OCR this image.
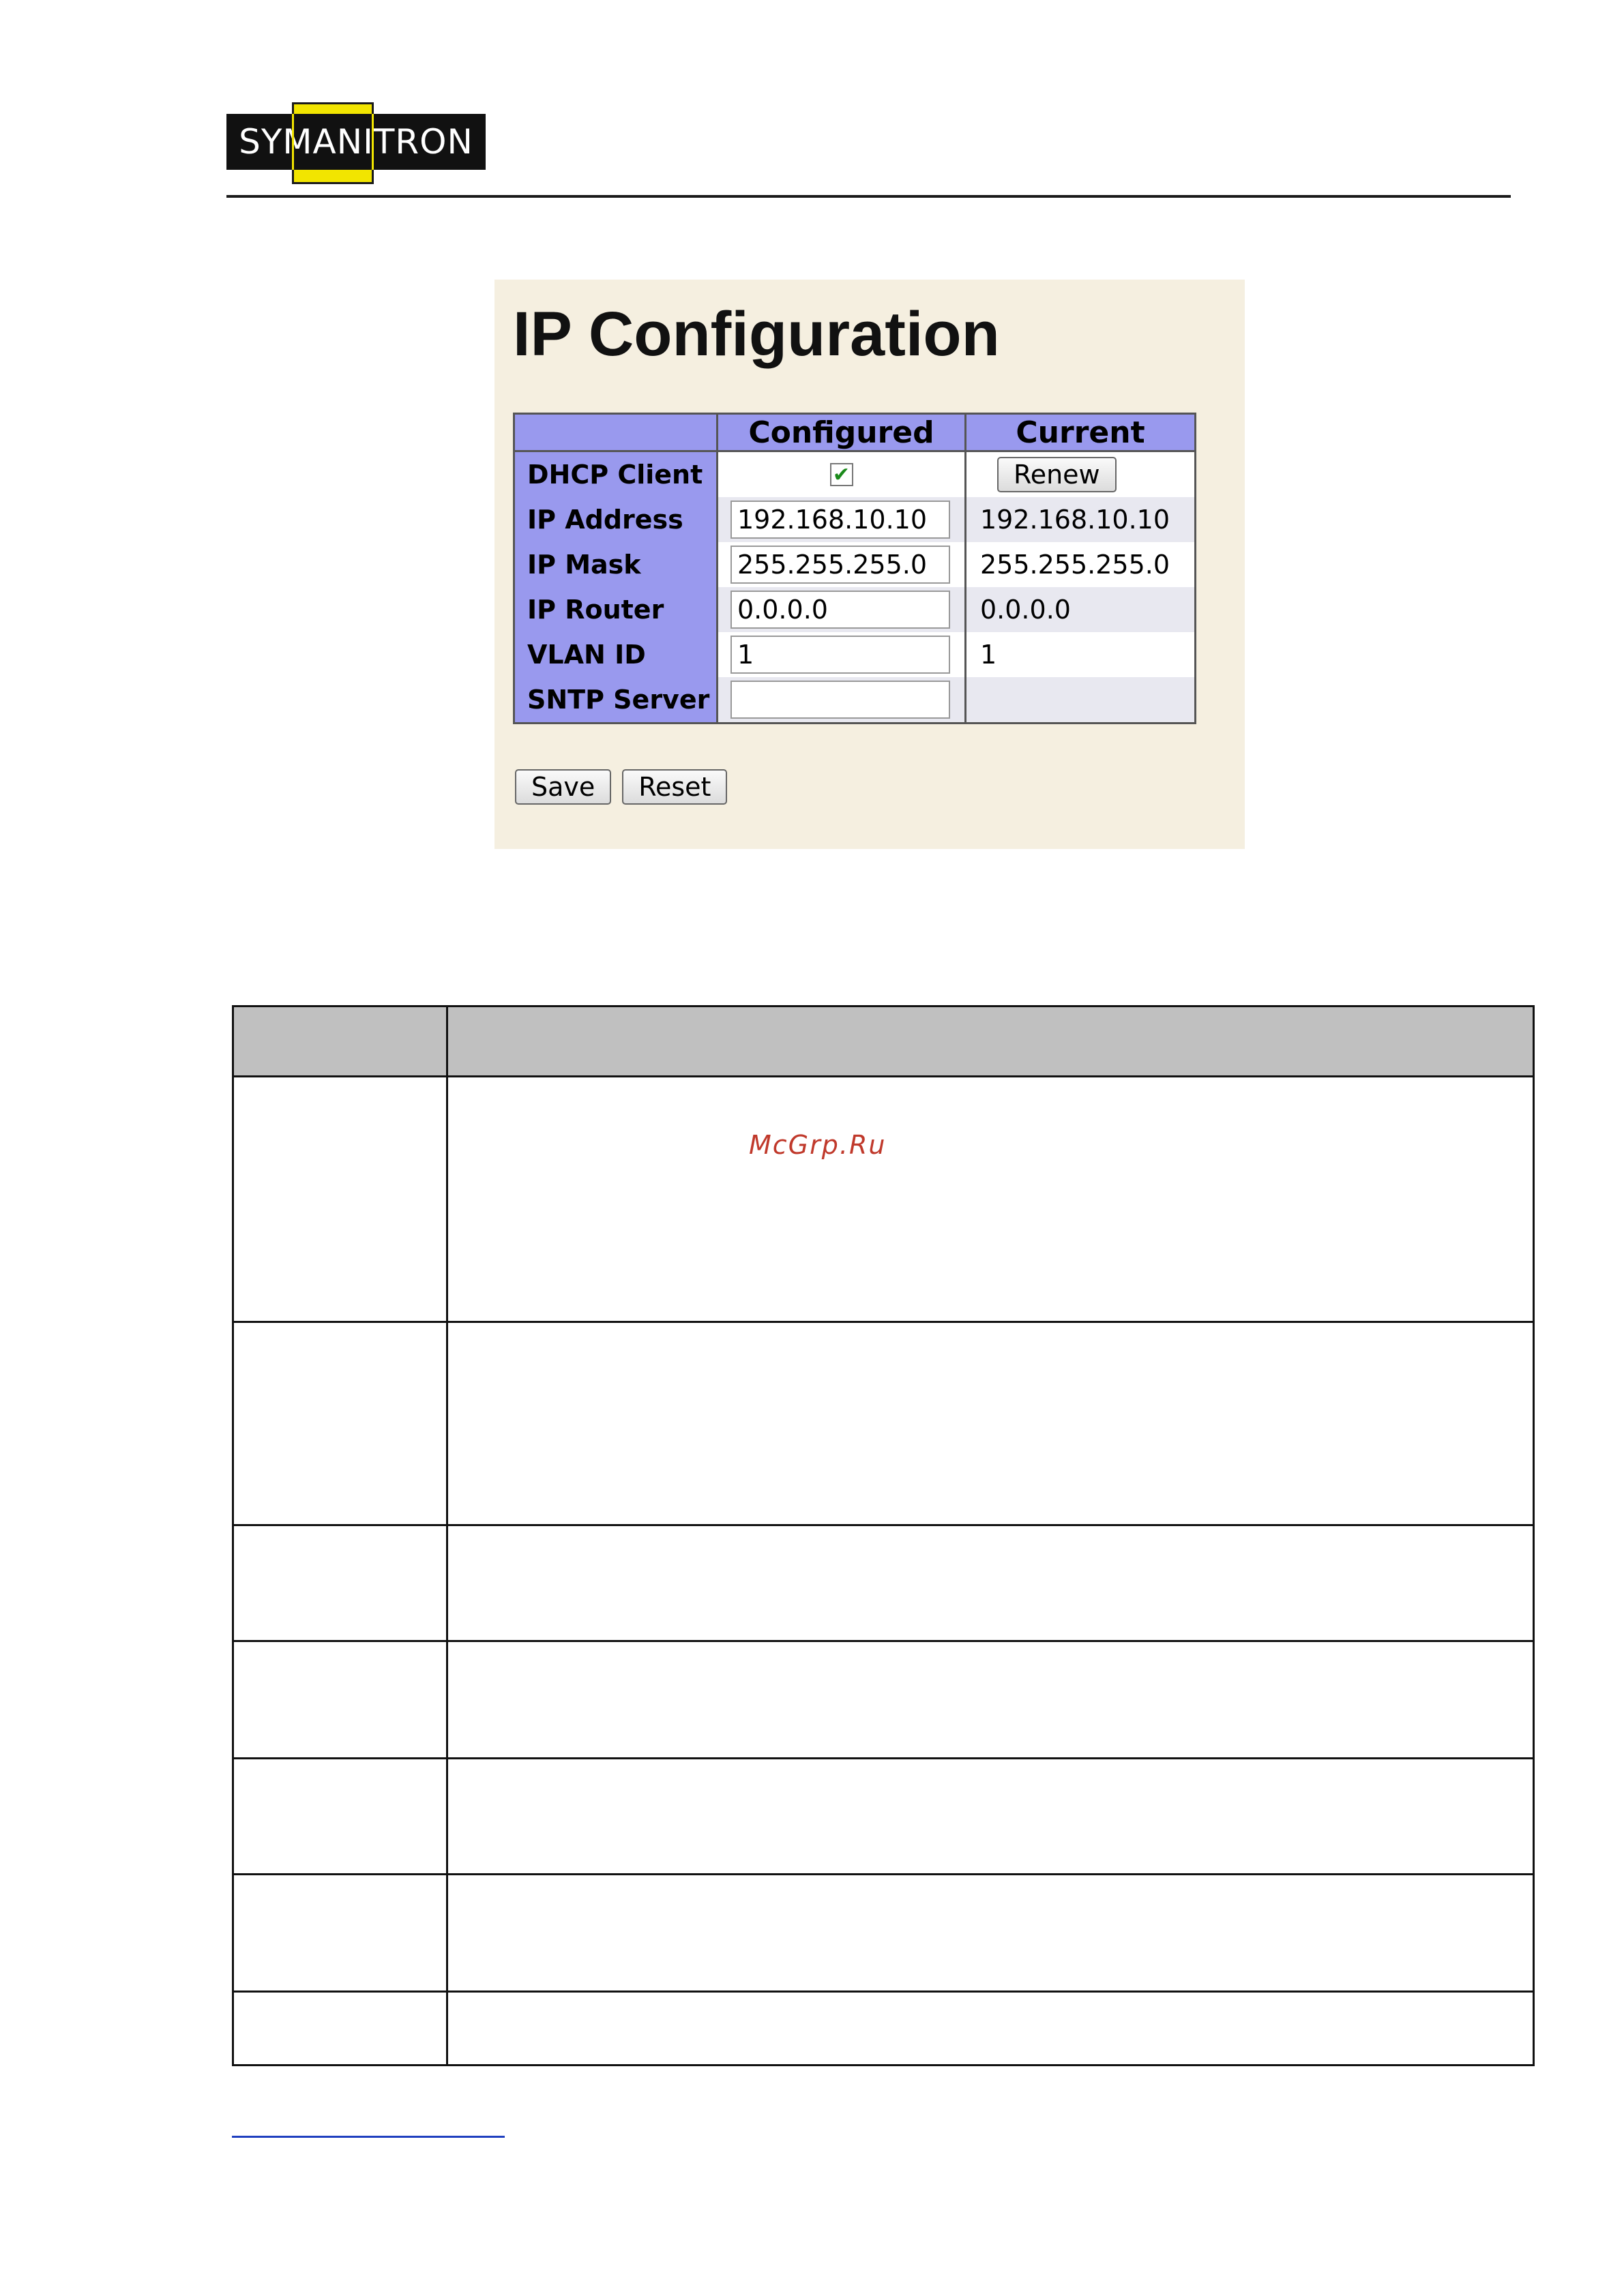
SYMANITRON
IP Configuration
	Configured	Current
DHCP Client	✔	Renew
IP Address	192.168.10.10	192.168.10.10
IP Mask	255.255.255.0	255.255.255.0
IP Router	0.0.0.0	0.0.0.0
VLAN ID	1	1
SNTP Server	

Save Reset

McGrp.Ru
